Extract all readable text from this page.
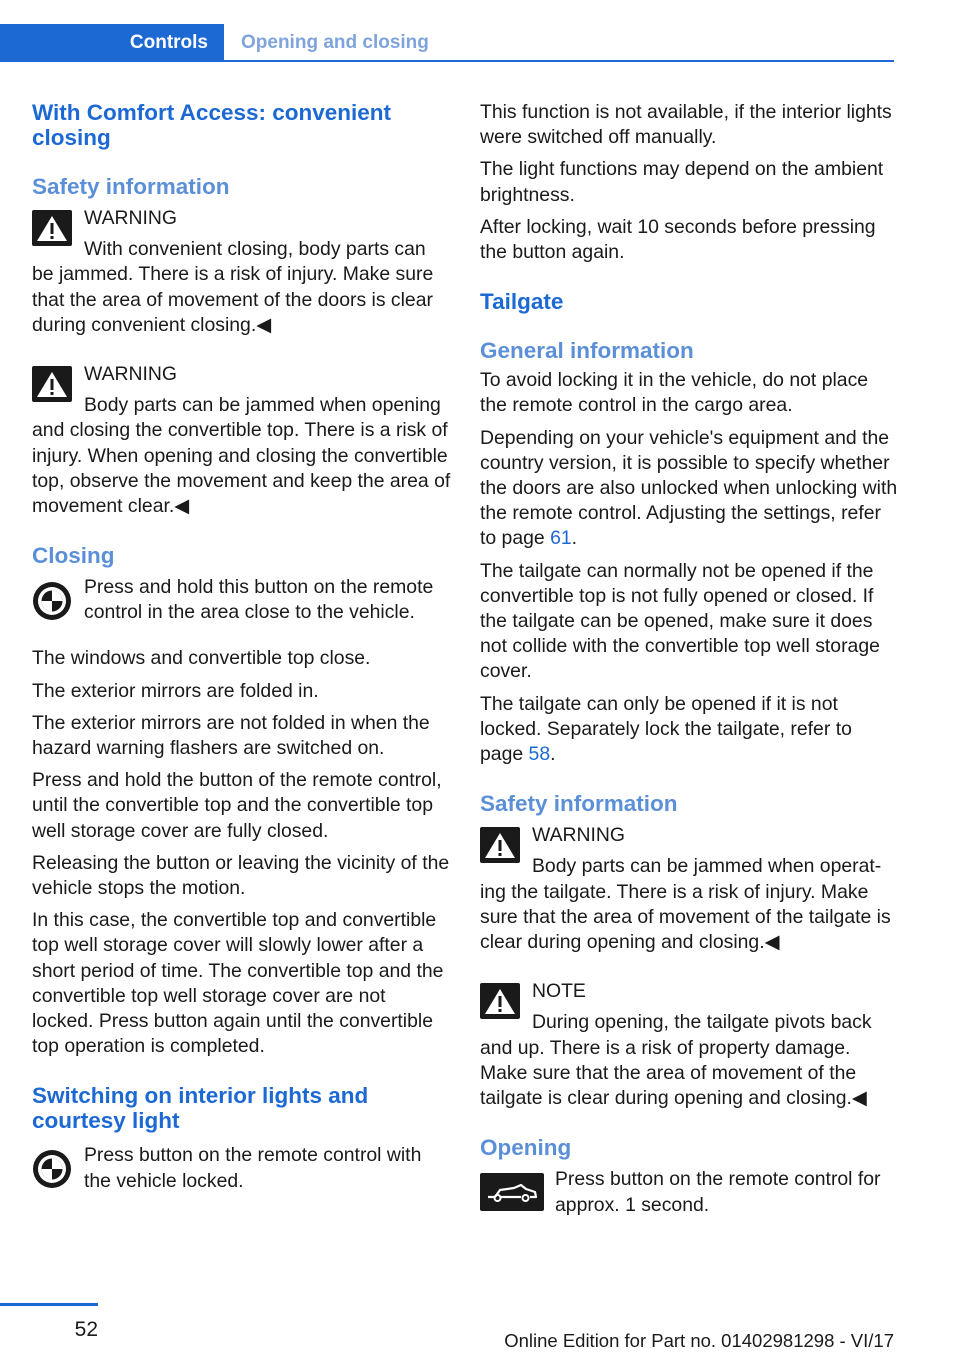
Controls	Opening and closing
With Comfort Access: convenient closing
Safety information
WARNING
With convenient closing, body parts can be jammed. There is a risk of injury. Make sure that the area of movement of the doors is clear during convenient closing.◀
WARNING
Body parts can be jammed when opening and closing the convertible top. There is a risk of injury. When opening and closing the convertible top, observe the movement and keep the area of movement clear.◀
Closing
Press and hold this button on the remote control in the area close to the vehicle.

The windows and convertible top close.

The exterior mirrors are folded in.

The exterior mirrors are not folded in when the hazard warning flashers are switched on.

Press and hold the button of the remote control, until the convertible top and the convertible top well storage cover are fully closed.

Releasing the button or leaving the vicinity of the vehicle stops the motion.

In this case, the convertible top and convertible top well storage cover will slowly lower after a short period of time. The convertible top and the convertible top well storage cover are not locked. Press button again until the convertible top operation is completed.

Switching on interior lights and courtesy light
Press button on the remote control with the vehicle locked.

This function is not available, if the interior lights were switched off manually.

The light functions may depend on the ambient brightness.

After locking, wait 10 seconds before pressing the button again.

Tailgate
General information

To avoid locking it in the vehicle, do not place the remote control in the cargo area.

Depending on your vehicle's equipment and the country version, it is possible to specify whether the doors are also unlocked when unlocking with the remote control. Adjusting the settings, refer to page 61.

The tailgate can normally not be opened if the convertible top is not fully opened or closed. If the tailgate can be opened, make sure it does not collide with the convertible top well storage cover.

The tailgate can only be opened if it is not locked. Separately lock the tailgate, refer to page 58.

Safety information
WARNING
Body parts can be jammed when operating the tailgate. There is a risk of injury. Make sure that the area of movement of the tailgate is clear during opening and closing.◀
NOTE
During opening, the tailgate pivots back and up. There is a risk of property damage. Make sure that the area of movement of the tailgate is clear during opening and closing.◀
Opening
Press button on the remote control for approx. 1 second.
52	Online Edition for Part no. 01402981298 - VI/17
